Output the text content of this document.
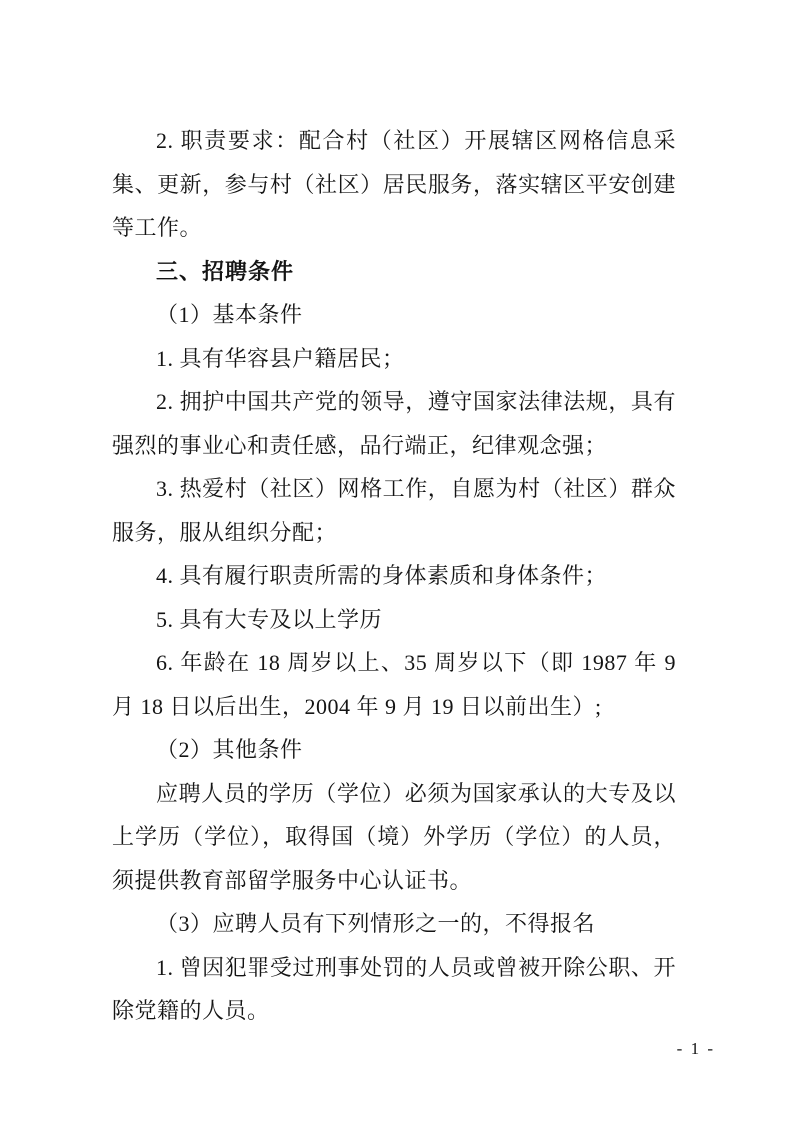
2. 职责要求：配合村（社区）开展辖区网格信息采集、更新，参与村（社区）居民服务，落实辖区平安创建等工作。

三、招聘条件

（1）基本条件

1. 具有华容县户籍居民；

2. 拥护中国共产党的领导，遵守国家法律法规，具有强烈的事业心和责任感，品行端正，纪律观念强；

3. 热爱村（社区）网格工作，自愿为村（社区）群众服务，服从组织分配；

4. 具有履行职责所需的身体素质和身体条件；

5. 具有大专及以上学历

6. 年龄在 18 周岁以上、35 周岁以下（即 1987 年 9 月 18 日以后出生，2004 年 9 月 19 日以前出生）;

（2）其他条件

应聘人员的学历（学位）必须为国家承认的大专及以上学历（学位），取得国（境）外学历（学位）的人员，须提供教育部留学服务中心认证书。

（3）应聘人员有下列情形之一的，不得报名

1. 曾因犯罪受过刑事处罚的人员或曾被开除公职、开除党籍的人员。

- 1 -
